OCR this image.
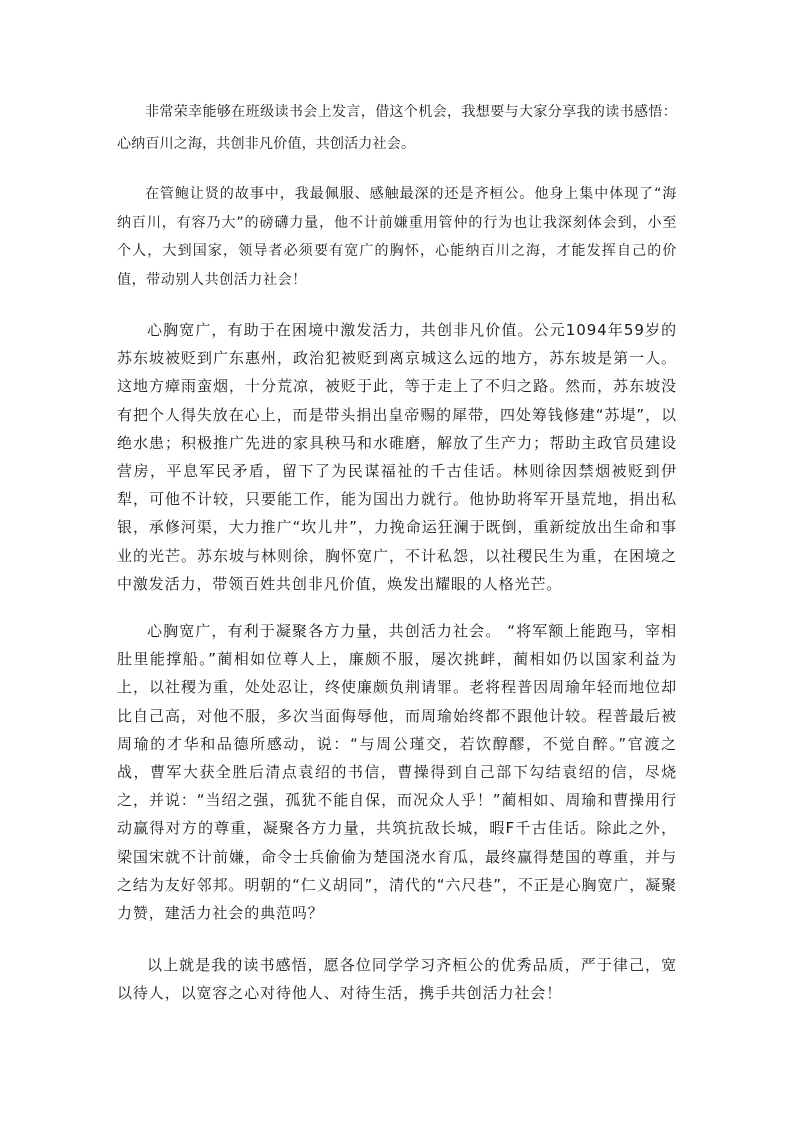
非常荣幸能够在班级读书会上发言，借这个机会，我想要与大家分享我的读书感悟：心纳百川之海，共创非凡价值，共创活力社会。

在管鲍让贤的故事中，我最佩服、感触最深的还是齐桓公。他身上集中体现了“海纳百川，有容乃大”的磅礴力量，他不计前嫌重用管仲的行为也让我深刻体会到，小至个人，大到国家，领导者必须要有宽广的胸怀，心能纳百川之海，才能发挥自己的价值，带动别人共创活力社会！

心胸宽广，有助于在困境中激发活力，共创非凡价值。公元1094年59岁的苏东坡被贬到广东惠州，政治犯被贬到离京城这么远的地方，苏东坡是第一人。这地方瘴雨蛮烟，十分荒凉，被贬于此，等于走上了不归之路。然而，苏东坡没有把个人得失放在心上，而是带头捐出皇帝赐的犀带，四处筹钱修建“苏堤”，以绝水患；积极推广先进的家具秧马和水碓磨，解放了生产力；帮助主政官员建设营房，平息军民矛盾，留下了为民谋福祉的千古佳话。林则徐因禁烟被贬到伊犁，可他不计较，只要能工作，能为国出力就行。他协助将军开垦荒地，捐出私银，承修河渠，大力推广“坎儿井”，力挽命运狂澜于既倒，重新绽放出生命和事业的光芒。苏东坡与林则徐，胸怀宽广，不计私怨，以社稷民生为重，在困境之中激发活力，带领百姓共创非凡价值，焕发出耀眼的人格光芒。

心胸宽广，有利于凝聚各方力量，共创活力社会。 “将军额上能跑马，宰相肚里能撑船。”蔺相如位尊人上，廉颇不服，屡次挑衅，蔺相如仍以国家利益为上，以社稷为重，处处忍让，终使廉颇负荆请罪。老将程普因周瑜年轻而地位却比自己高，对他不服，多次当面侮辱他，而周瑜始终都不跟他计较。程普最后被周瑜的才华和品德所感动，说：“与周公瑾交，若饮醇醪，不觉自醉。”官渡之战，曹军大获全胜后清点袁绍的书信，曹操得到自己部下勾结袁绍的信，尽烧之，并说：“当绍之强，孤犹不能自保，而况众人乎！”蔺相如、周瑜和曹操用行动赢得对方的尊重，凝聚各方力量，共筑抗敌长城，暇F千古佳话。除此之外，梁国宋就不计前嫌，命令士兵偷偷为楚国浇水育瓜，最终赢得楚国的尊重，并与之结为友好邻邦。明朝的“仁义胡同”，清代的“六尺巷”，不正是心胸宽广，凝聚力赞，建活力社会的典范吗？

以上就是我的读书感悟，愿各位同学学习齐桓公的优秀品质，严于律己，宽以待人，以宽容之心对待他人、对待生活，携手共创活力社会！
